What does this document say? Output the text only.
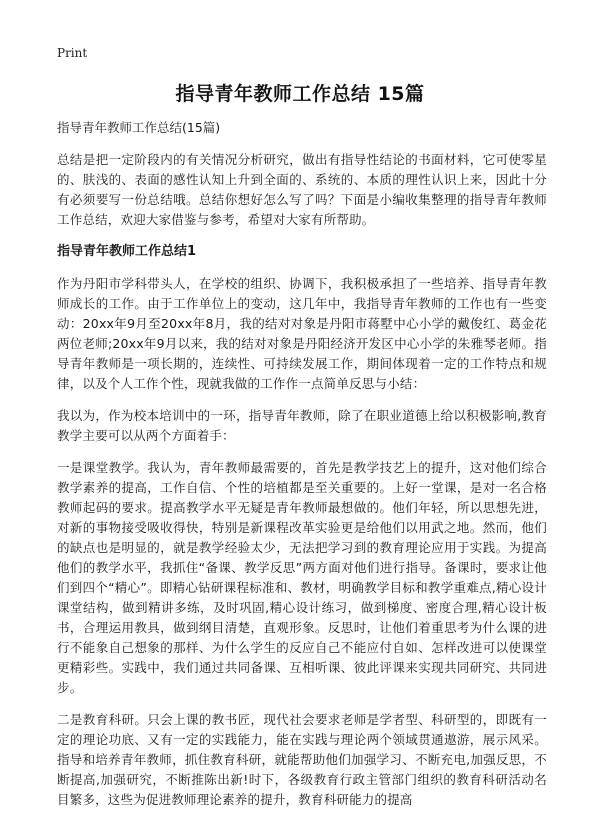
Print
指导青年教师工作总结 15篇

指导青年教师工作总结(15篇)

总结是把一定阶段内的有关情况分析研究，做出有指导性结论的书面材料，它可使零星的、肤浅的、表面的感性认知上升到全面的、系统的、本质的理性认识上来，因此十分有必须要写一份总结哦。总结你想好怎么写了吗？下面是小编收集整理的指导青年教师工作总结，欢迎大家借鉴与参考，希望对大家有所帮助。

指导青年教师工作总结1

作为丹阳市学科带头人，在学校的组织、协调下，我积极承担了一些培养、指导青年教师成长的工作。由于工作单位上的变动，这几年中，我指导青年教师的工作也有一些变动：20xx年9月至20xx年8月，我的结对对象是丹阳市蒋墅中心小学的戴俊红、葛金花两位老师;20xx年9月以来，我的结对对象是丹阳经济开发区中心小学的朱雅琴老师。指导青年教师是一项长期的，连续性、可持续发展工作，期间体现着一定的工作特点和规律，以及个人工作个性，现就我做的工作作一点简单反思与小结：

我以为，作为校本培训中的一环，指导青年教师，除了在职业道德上给以积极影响,教育教学主要可以从两个方面着手：

一是课堂教学。我认为，青年教师最需要的，首先是教学技艺上的提升，这对他们综合教学素养的提高，工作自信、个性的培植都是至关重要的。上好一堂课，是对一名合格教师起码的要求。提高教学水平无疑是青年教师最想做的。他们年轻，所以思想先进，对新的事物接受吸收得快，特别是新课程改革实验更是给他们以用武之地。然而，他们的缺点也是明显的，就是教学经验太少，无法把学习到的教育理论应用于实践。为提高他们的教学水平，我抓住“备课、教学反思”两方面对他们进行指导。备课时，要求让他们到四个“精心”。即精心钻研课程标准和、教材，明确教学目标和教学重难点,精心设计课堂结构，做到精讲多练，及时巩固,精心设计练习，做到梯度、密度合理,精心设计板书，合理运用教具，做到纲目清楚，直观形象。反思时，让他们着重思考为什么课的进行不能象自己想象的那样、为什么学生的反应自己不能应付自如、怎样改进可以使课堂更精彩些。实践中，我们通过共同备课、互相听课、彼此评课来实现共同研究、共同进步。

二是教育科研。只会上课的教书匠，现代社会要求老师是学者型、科研型的，即既有一定的理论功底、又有一定的实践能力，能在实践与理论两个领域贯通遨游，展示风采。指导和培养青年教师，抓住教育科研，就能帮助他们加强学习、不断充电,加强反思，不断提高,加强研究，不断推陈出新!时下，各级教育行政主管部门组织的教育科研活动名目繁多，这些为促进教师理论素养的提升，教育科研能力的提高
